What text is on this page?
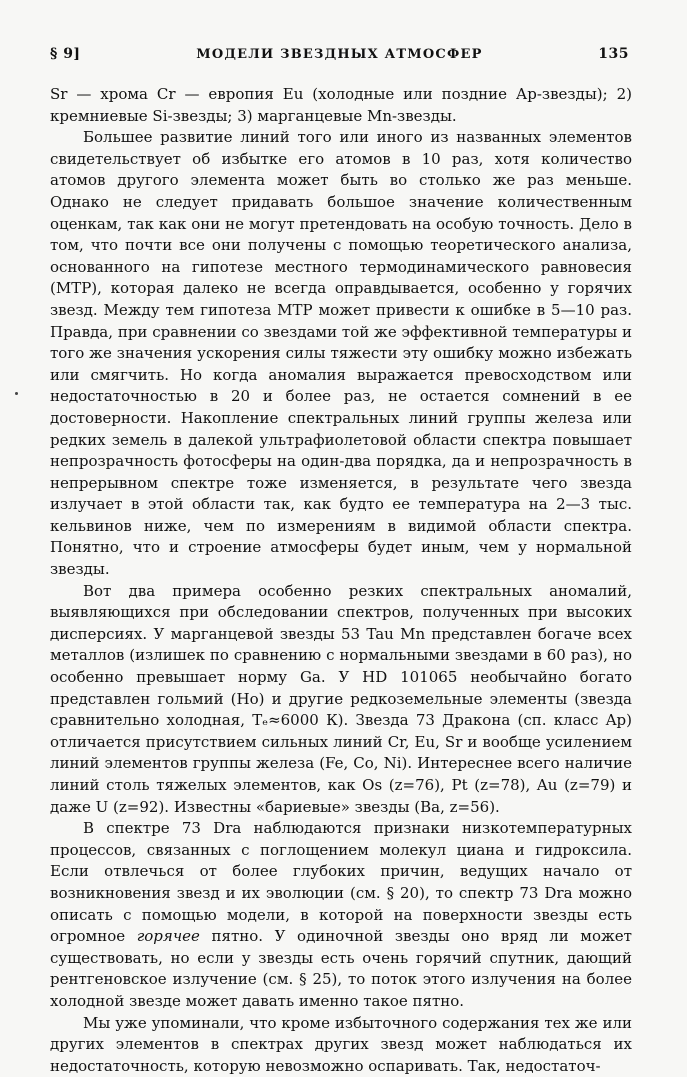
§ 9]	МОДЕЛИ ЗВЕЗДНЫХ АТМОСФЕР	135

Sr — хрома Cr — европия Eu (холодные или поздние Ар-звезды); 2) кремниевые Si-звезды; 3) марганцевые Mn-звезды.

Большее развитие линий того или иного из названных элементов свидетельствует об избытке его атомов в 10 раз, хотя количество атомов другого элемента может быть во столько же раз меньше. Однако не следует придавать большое значение количественным оценкам, так как они не могут претендовать на особую точность. Дело в том, что почти все они получены с помощью теоретического анализа, основанного на гипотезе местного термодинамического равновесия (МТР), которая далеко не всегда оправдывается, особенно у горячих звезд. Между тем гипотеза МТР может привести к ошибке в 5—10 раз. Правда, при сравнении со звездами той же эффективной температуры и того же значения ускорения силы тяжести эту ошибку можно избежать или смягчить. Но когда аномалия выражается превосходством или недостаточностью в 20 и более раз, не остается сомнений в ее достоверности. Накопление спектральных линий группы железа или редких земель в далекой ультрафиолетовой области спектра повышает непрозрачность фотосферы на один-два порядка, да и непрозрачность в непрерывном спектре тоже изменяется, в результате чего звезда излучает в этой области так, как будто ее температура на 2—3 тыс. кельвинов ниже, чем по измерениям в видимой области спектра. Понятно, что и строение атмосферы будет иным, чем у нормальной звезды.

Вот два примера особенно резких спектральных аномалий, выявляющихся при обследовании спектров, полученных при высоких дисперсиях. У марганцевой звезды 53 Tau Mn представлен богаче всех металлов (излишек по сравнению с нормальными звездами в 60 раз), но особенно превышает норму Ga. У HD 101065 необычайно богато представлен гольмий (Ho) и другие редкоземельные элементы (звезда сравнительно холодная, Tₑ≈6000 К). Звезда 73 Дракона (сп. класс Ap) отличается присутствием сильных линий Cr, Eu, Sr и вообще усилением линий элементов группы железа (Fe, Co, Ni). Интереснее всего наличие линий столь тяжелых элементов, как Os (z=76), Pt (z=78), Au (z=79) и даже U (z=92). Известны «бариевые» звезды (Ba, z=56).

В спектре 73 Dra наблюдаются признаки низкотемпературных процессов, связанных с поглощением молекул циана и гидроксила. Если отвлечься от более глубоких причин, ведущих начало от возникновения звезд и их эволюции (см. § 20), то спектр 73 Dra можно описать с помощью модели, в которой на поверхности звезды есть огромное горячее пятно. У одиночной звезды оно вряд ли может существовать, но если у звезды есть очень горячий спутник, дающий рентгеновское излучение (см. § 25), то поток этого излучения на более холодной звезде может давать именно такое пятно.

Мы уже упоминали, что кроме избыточного содержания тех же или других элементов в спектрах других звезд может наблюдаться их недостаточность, которую невозможно оспаривать. Так, недостаточ-
